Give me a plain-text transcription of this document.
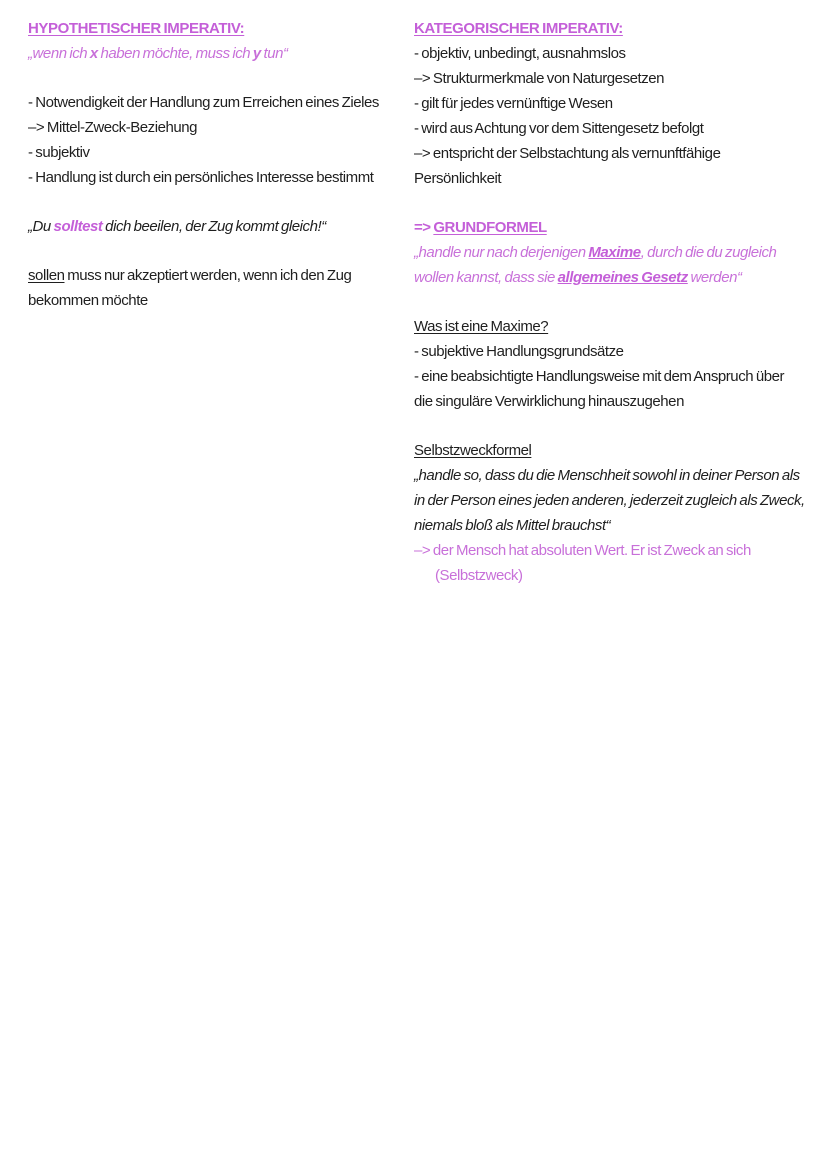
HYPOTHETISCHER IMPERATIV:
„wenn ich x haben möchte, muss ich y tun“
- Notwendigkeit der Handlung zum Erreichen eines Zieles
–> Mittel-Zweck-Beziehung
- subjektiv
- Handlung ist durch ein persönliches Interesse bestimmt
„Du solltest dich beeilen, der Zug kommt gleich!“
sollen muss nur akzeptiert werden, wenn ich den Zug
bekommen möchte
KATEGORISCHER IMPERATIV:
- objektiv, unbedingt, ausnahmslos
–> Strukturmerkmale von Naturgesetzen
- gilt für jedes vernünftige Wesen
- wird aus Achtung vor dem Sittengesetz befolgt
–> entspricht der Selbstachtung als vernunftfähige
Persönlichkeit
=> GRUNDFORMEL
„handle nur nach derjenigen Maxime, durch die du zugleich
wollen kannst, dass sie allgemeines Gesetz werden“
Was ist eine Maxime?
- subjektive Handlungsgrundsätze
- eine beabsichtigte Handlungsweise mit dem Anspruch über
die singuläre Verwirklichung hinauszugehen
Selbstzweckformel
„handle so, dass du die Menschheit sowohl in deiner Person als
in der Person eines jeden anderen, jederzeit zugleich als Zweck,
niemals bloß als Mittel brauchst“
–> der Mensch hat absoluten Wert. Er ist Zweck an sich
(Selbstzweck)
